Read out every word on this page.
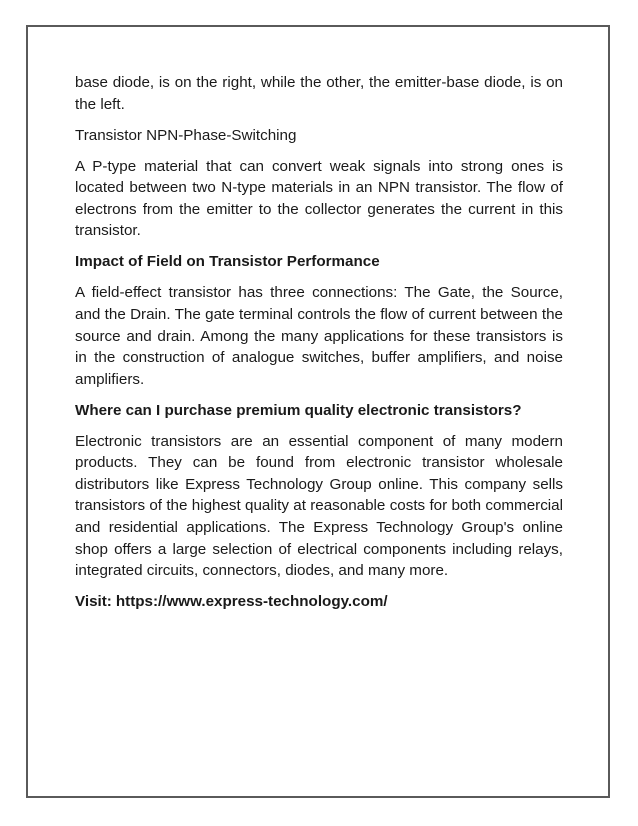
base diode, is on the right, while the other, the emitter-base diode, is on the left.

Transistor NPN-Phase-Switching

A P-type material that can convert weak signals into strong ones is located between two N-type materials in an NPN transistor. The flow of electrons from the emitter to the collector generates the current in this transistor.

Impact of Field on Transistor Performance

A field-effect transistor has three connections: The Gate, the Source, and the Drain. The gate terminal controls the flow of current between the source and drain. Among the many applications for these transistors is in the construction of analogue switches, buffer amplifiers, and noise amplifiers.

Where can I purchase premium quality electronic transistors?

Electronic transistors are an essential component of many modern products. They can be found from electronic transistor wholesale distributors like Express Technology Group online. This company sells transistors of the highest quality at reasonable costs for both commercial and residential applications. The Express Technology Group's online shop offers a large selection of electrical components including relays, integrated circuits, connectors, diodes, and many more.

Visit: https://www.express-technology.com/
